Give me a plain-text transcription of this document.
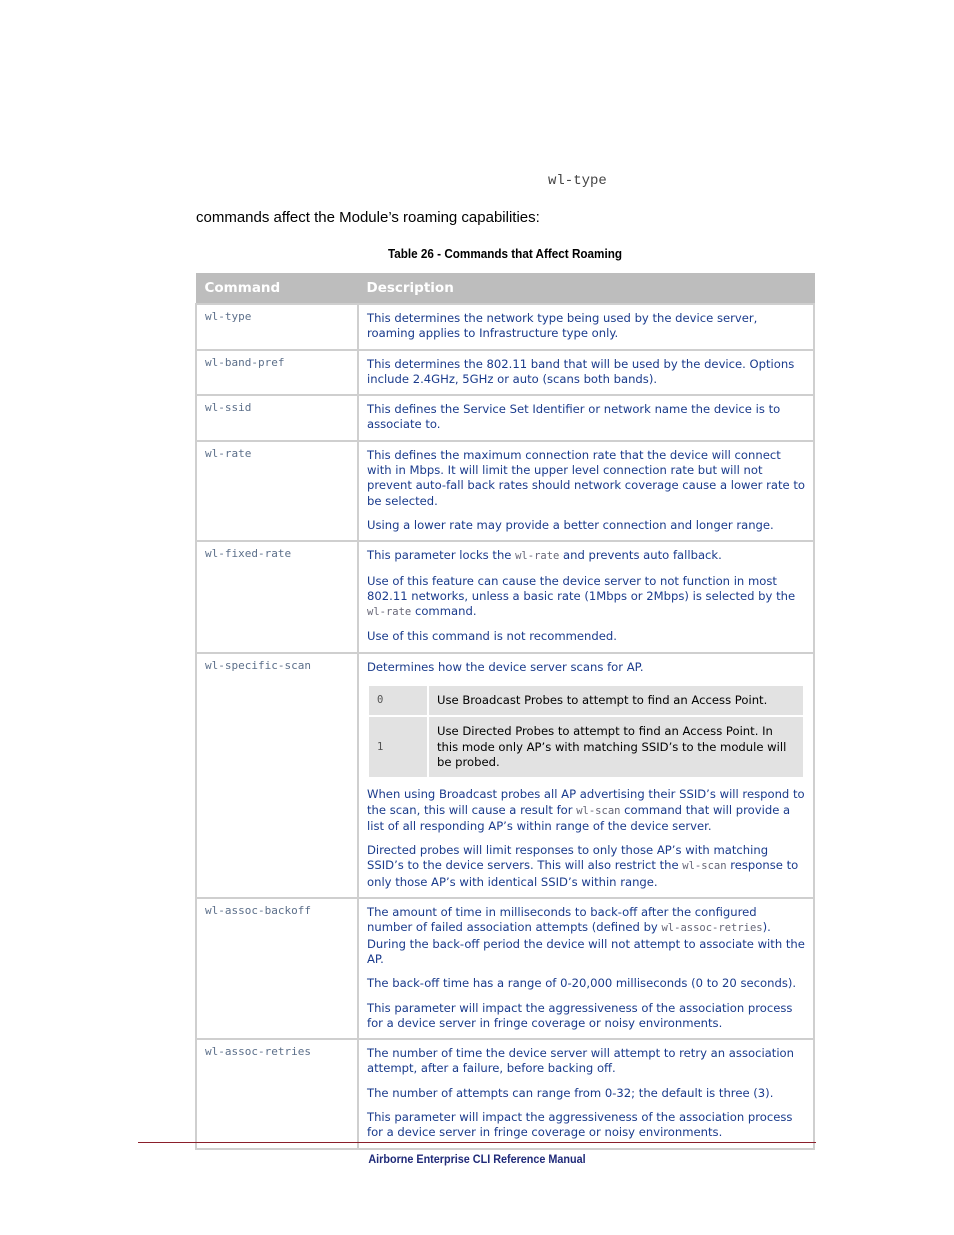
wl-type
commands affect the Module’s roaming capabilities:
Table 26 - Commands that Affect Roaming
Command	Description
wl-type	This determines the network type being used by the device server, roaming applies to Infrastructure type only.

wl-band-pref	This determines the 802.11 band that will be used by the device. Options include 2.4GHz, 5GHz or auto (scans both bands).

wl-ssid	This defines the Service Set Identifier or network name the device is to associate to.

wl-rate	This defines the maximum connection rate that the device will connect with in Mbps. It will limit the upper level connection rate but will not prevent auto-fall back rates should network coverage cause a lower rate to be selected.

Using a lower rate may provide a better connection and longer range.

wl-fixed-rate	This parameter locks the wl-rate and prevents auto fallback.

Use of this feature can cause the device server to not function in most 802.11 networks, unless a basic rate (1Mbps or 2Mbps) is selected by the wl-rate command.

Use of this command is not recommended.

wl-specific-scan	Determines how the device server scans for AP.

0	Use Broadcast Probes to attempt to find an Access Point.
1	Use Directed Probes to attempt to find an Access Point. In this mode only AP’s with matching SSID’s to the module will be probed.

When using Broadcast probes all AP advertising their SSID’s will respond to the scan, this will cause a result for wl-scan command that will provide a list of all responding AP’s within range of the device server.

Directed probes will limit responses to only those AP’s with matching SSID’s to the device servers. This will also restrict the wl-scan response to only those AP’s with identical SSID’s within range.

wl-assoc-backoff	The amount of time in milliseconds to back-off after the configured number of failed association attempts (defined by wl-assoc-retries). During the back-off period the device will not attempt to associate with the AP.

The back-off time has a range of 0-20,000 milliseconds (0 to 20 seconds).

This parameter will impact the aggressiveness of the association process for a device server in fringe coverage or noisy environments.

wl-assoc-retries	The number of time the device server will attempt to retry an association attempt, after a failure, before backing off.

The number of attempts can range from 0-32; the default is three (3).

This parameter will impact the aggressiveness of the association process for a device server in fringe coverage or noisy environments.

Airborne Enterprise CLI Reference Manual
